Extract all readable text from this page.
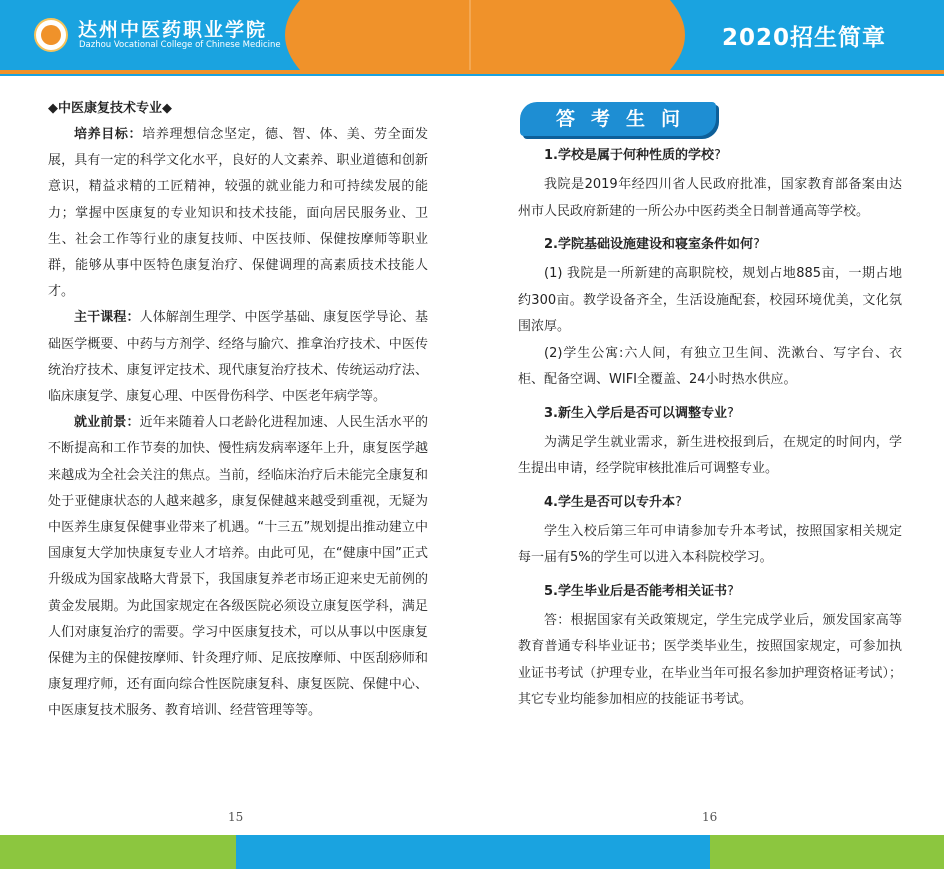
达州中医药职业学院
Dazhou Vocational College of Chinese Medicine	2020招生简章
◆中医康复技术专业◆

培养目标：培养理想信念坚定，德、智、体、美、劳全面发展，具有一定的科学文化水平，良好的人文素养、职业道德和创新意识，精益求精的工匠精神，较强的就业能力和可持续发展的能力；掌握中医康复的专业知识和技术技能，面向居民服务业、卫生、社会工作等行业的康复技师、中医技师、保健按摩师等职业群，能够从事中医特色康复治疗、保健调理的高素质技术技能人才。

主干课程：人体解剖生理学、中医学基础、康复医学导论、基础医学概要、中药与方剂学、经络与腧穴、推拿治疗技术、中医传统治疗技术、康复评定技术、现代康复治疗技术、传统运动疗法、临床康复学、康复心理、中医骨伤科学、中医老年病学等。

就业前景：近年来随着人口老龄化进程加速、人民生活水平的不断提高和工作节奏的加快、慢性病发病率逐年上升，康复医学越来越成为全社会关注的焦点。当前，经临床治疗后未能完全康复和处于亚健康状态的人越来越多，康复保健越来越受到重视，无疑为中医养生康复保健事业带来了机遇。“十三五”规划提出推动建立中国康复大学加快康复专业人才培养。由此可见，在“健康中国”正式升级成为国家战略大背景下，我国康复养老市场正迎来史无前例的黄金发展期。为此国家规定在各级医院必须设立康复医学科，满足人们对康复治疗的需要。学习中医康复技术，可以从事以中医康复保健为主的保健按摩师、针灸理疗师、足底按摩师、中医刮痧师和康复理疗师，还有面向综合性医院康复科、康复医院、保健中心、中医康复技术服务、教育培训、经营管理等等。

15
答考生问
1.学校是属于何种性质的学校?

我院是2019年经四川省人民政府批准，国家教育部备案由达州市人民政府新建的一所公办中医药类全日制普通高等学校。

2.学院基础设施建设和寝室条件如何?

(1) 我院是一所新建的高职院校，规划占地885亩，一期占地约300亩。教学设备齐全，生活设施配套，校园环境优美，文化氛围浓厚。

(2)学生公寓:六人间，有独立卫生间、洗漱台、写字台、衣柜、配备空调、WIFI全覆盖、24小时热水供应。

3.新生入学后是否可以调整专业?

为满足学生就业需求，新生进校报到后，在规定的时间内，学生提出申请，经学院审核批准后可调整专业。

4.学生是否可以专升本?

学生入校后第三年可申请参加专升本考试，按照国家相关规定每一届有5%的学生可以进入本科院校学习。

5.学生毕业后是否能考相关证书?

答：根据国家有关政策规定，学生完成学业后，颁发国家高等教育普通专科毕业证书；医学类毕业生，按照国家规定，可参加执业证书考试（护理专业，在毕业当年可报名参加护理资格证考试）；其它专业均能参加相应的技能证书考试。

16
